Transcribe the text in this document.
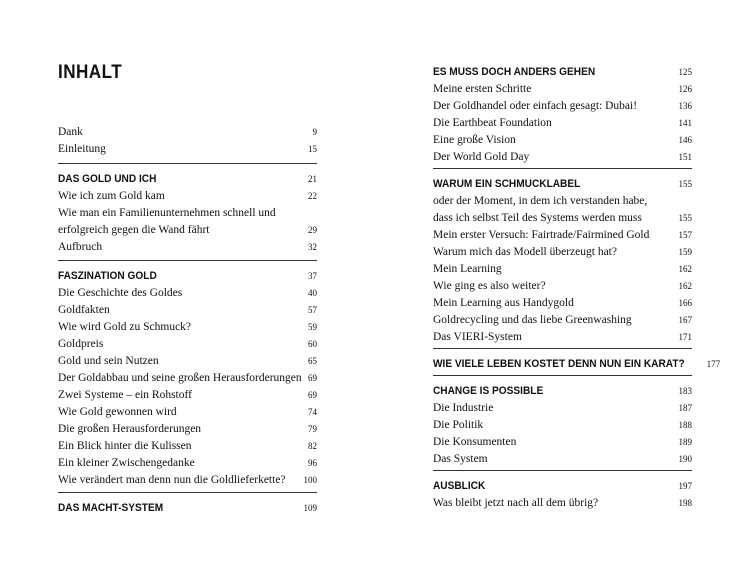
INHALT
Dank	9
Einleitung	15
DAS GOLD UND ICH	21
Wie ich zum Gold kam	22
Wie man ein Familienunternehmen schnell und
erfolgreich gegen die Wand fährt	29
Aufbruch	32
FASZINATION GOLD	37
Die Geschichte des Goldes	40
Goldfakten	57
Wie wird Gold zu Schmuck?	59
Goldpreis	60
Gold und sein Nutzen	65
Der Goldabbau und seine großen Herausforderungen 69
Zwei Systeme – ein Rohstoff	69
Wie Gold gewonnen wird	74
Die großen Herausforderungen	79
Ein Blick hinter die Kulissen	82
Ein kleiner Zwischengedanke	96
Wie verändert man denn nun die Goldlieferkette? 100
DAS MACHT-SYSTEM	109
ES MUSS DOCH ANDERS GEHEN	125
Meine ersten Schritte	126
Der Goldhandel oder einfach gesagt: Dubai!	136
Die Earthbeat Foundation	141
Eine große Vision	146
Der World Gold Day	151
WARUM EIN SCHMUCKLABEL	155
oder der Moment, in dem ich verstanden habe,
dass ich selbst Teil des Systems werden muss	155
Mein erster Versuch: Fairtrade/Fairmined Gold	157
Warum mich das Modell überzeugt hat?	159
Mein Learning	162
Wie ging es also weiter?	162
Mein Learning aus Handygold	166
Goldrecycling und das liebe Greenwashing	167
Das VIERI-System	171
WIE VIELE LEBEN KOSTET DENN NUN EIN KARAT? 177
CHANGE IS POSSIBLE	183
Die Industrie	187
Die Politik	188
Die Konsumenten	189
Das System	190
AUSBLICK	197
Was bleibt jetzt nach all dem übrig?	198
